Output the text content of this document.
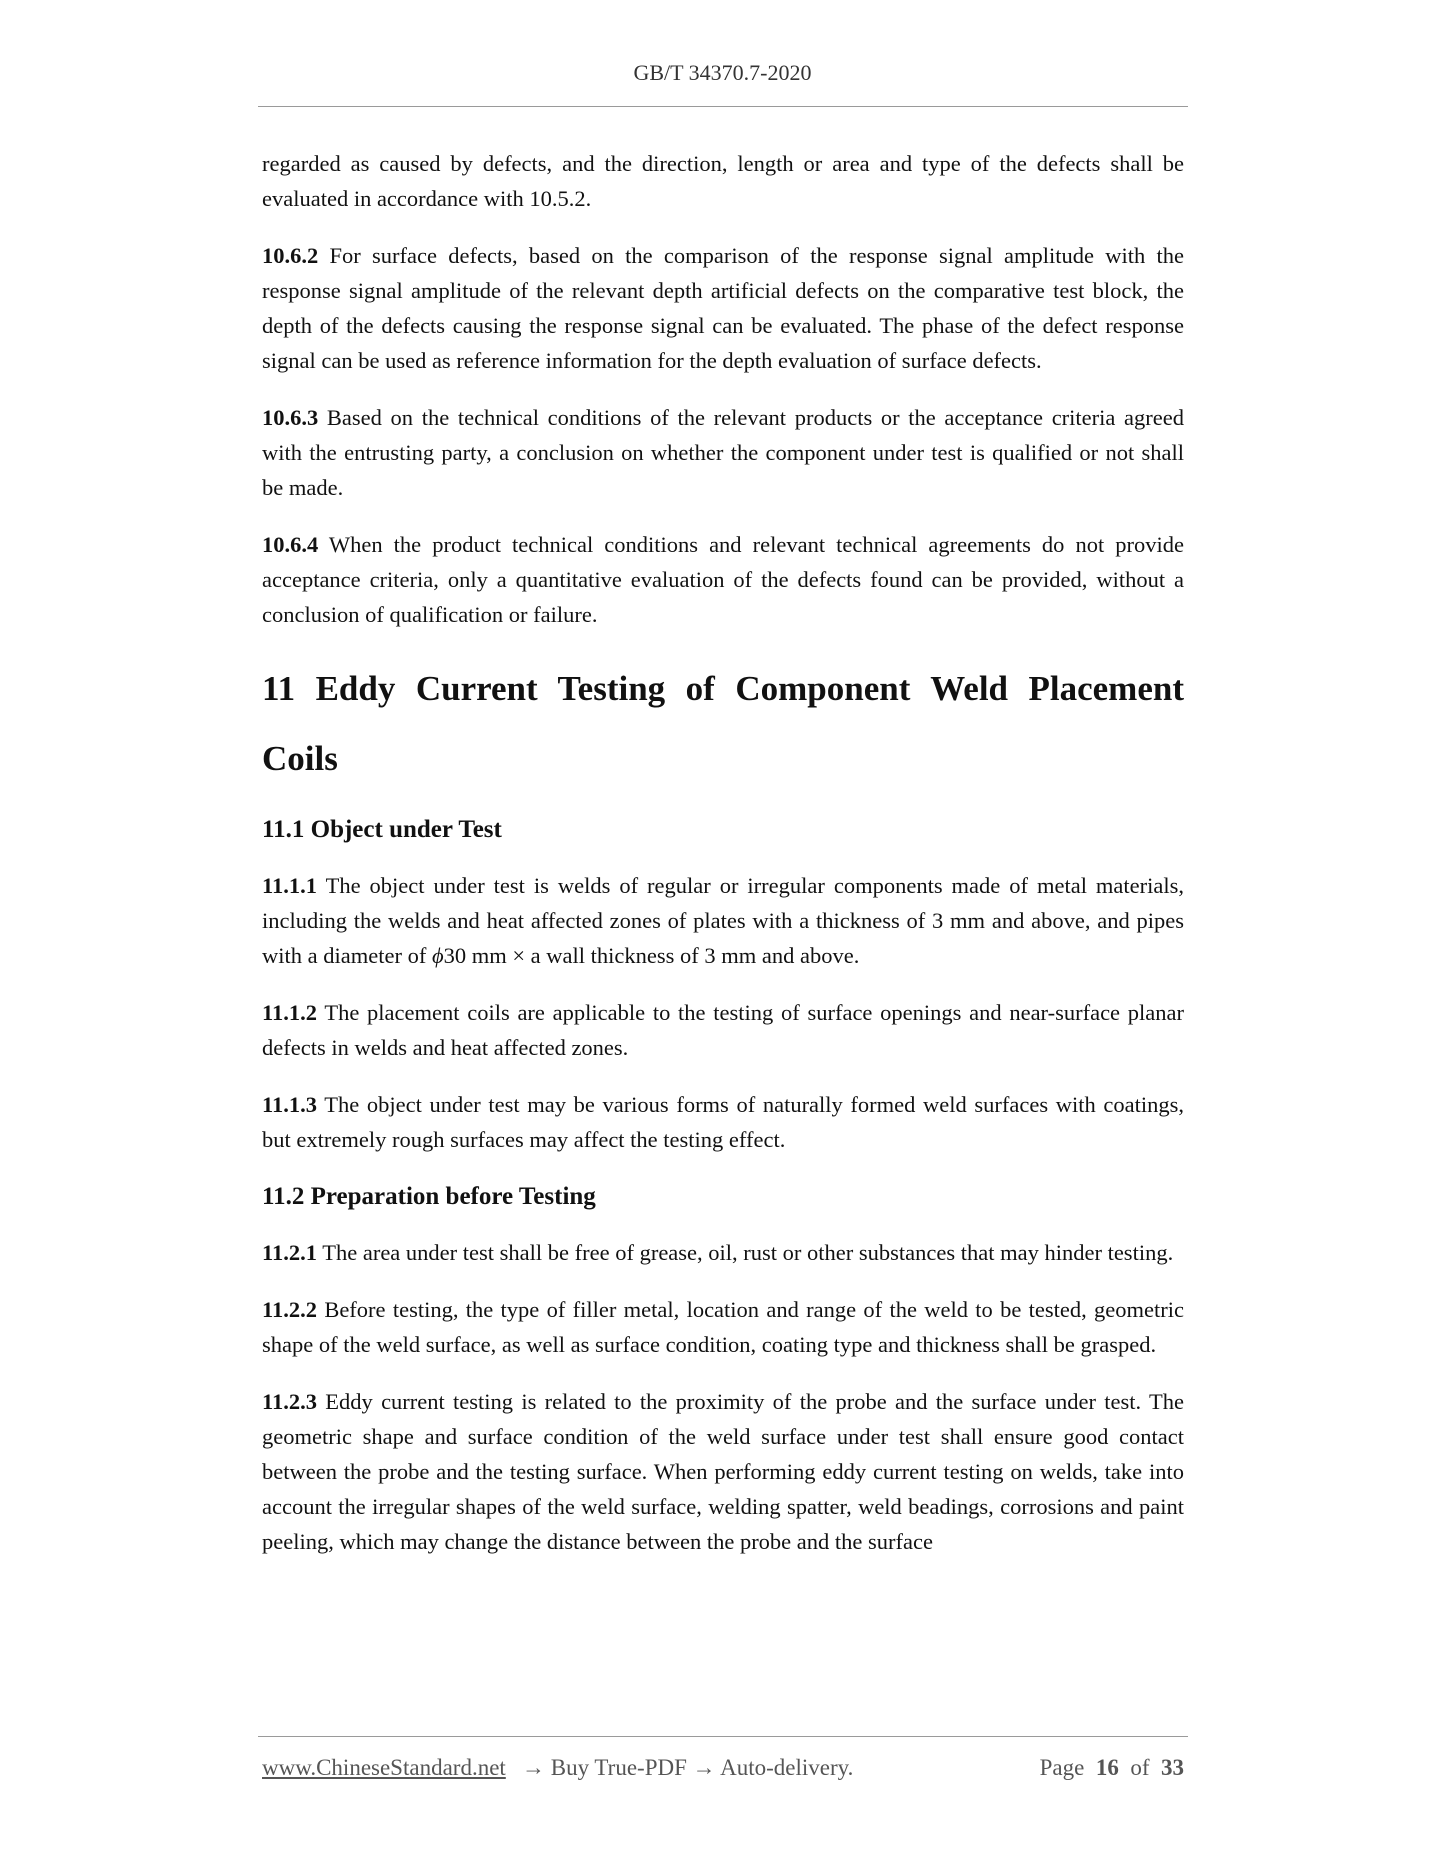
GB/T 34370.7-2020

regarded as caused by defects, and the direction, length or area and type of the defects shall be evaluated in accordance with 10.5.2.

10.6.2 For surface defects, based on the comparison of the response signal amplitude with the response signal amplitude of the relevant depth artificial defects on the comparative test block, the depth of the defects causing the response signal can be evaluated. The phase of the defect response signal can be used as reference information for the depth evaluation of surface defects.

10.6.3 Based on the technical conditions of the relevant products or the acceptance criteria agreed with the entrusting party, a conclusion on whether the component under test is qualified or not shall be made.

10.6.4 When the product technical conditions and relevant technical agreements do not provide acceptance criteria, only a quantitative evaluation of the defects found can be provided, without a conclusion of qualification or failure.

11 Eddy Current Testing of Component Weld Placement Coils
11.1 Object under Test

11.1.1 The object under test is welds of regular or irregular components made of metal materials, including the welds and heat affected zones of plates with a thickness of 3 mm and above, and pipes with a diameter of ϕ30 mm × a wall thickness of 3 mm and above.

11.1.2 The placement coils are applicable to the testing of surface openings and near-surface planar defects in welds and heat affected zones.

11.1.3 The object under test may be various forms of naturally formed weld surfaces with coatings, but extremely rough surfaces may affect the testing effect.

11.2 Preparation before Testing

11.2.1 The area under test shall be free of grease, oil, rust or other substances that may hinder testing.

11.2.2 Before testing, the type of filler metal, location and range of the weld to be tested, geometric shape of the weld surface, as well as surface condition, coating type and thickness shall be grasped.

11.2.3 Eddy current testing is related to the proximity of the probe and the surface under test. The geometric shape and surface condition of the weld surface under test shall ensure good contact between the probe and the testing surface. When performing eddy current testing on welds, take into account the irregular shapes of the weld surface, welding spatter, weld beadings, corrosions and paint peeling, which may change the distance between the probe and the surface

www.ChineseStandard.net → Buy True-PDF → Auto-delivery.	Page 16 of 33
